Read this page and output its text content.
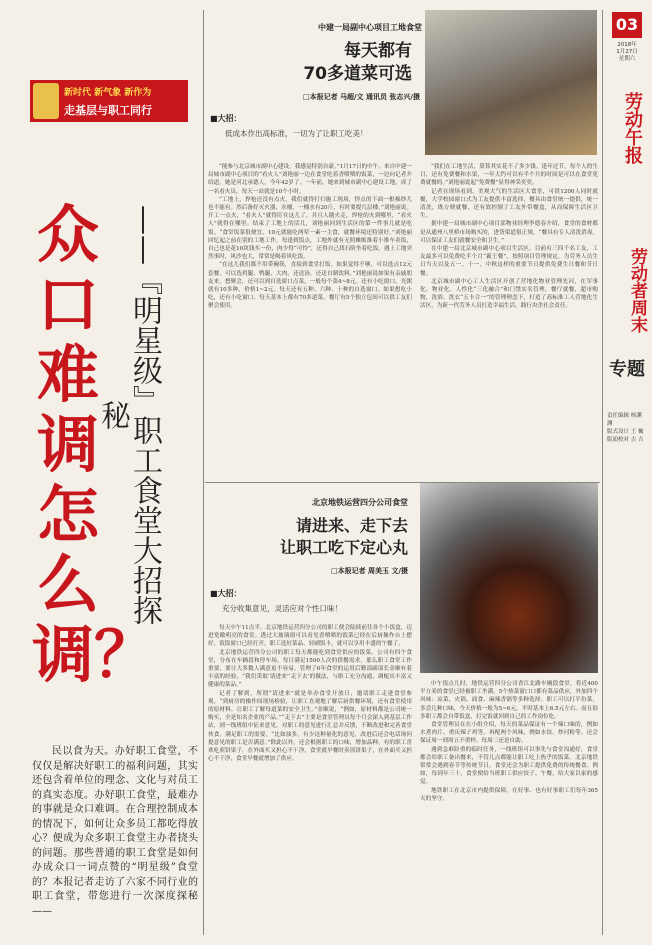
新时代 新气象 新作为
走基层与职工同行
众口难调怎么调？
——『明星级』职工食堂大招探秘
民以食为天。办好职工食堂，不仅仅是解决好职工的福利问题，其实还包含着单位的理念、文化与对员工的真实态度。办好职工食堂，最难办的事就是众口难调。在合理控制成本的情况下，如何让众多员工都吃得放心？便成为众多职工食堂主办者挠头的问题。那些普通的职工食堂是如何办成众口一词点赞的“明星级”食堂的？本报记者走访了六家不同行业的职工食堂，带您进行一次深度探秘——
中建一局副中心项目工地食堂
每天都有
70多道菜可选
□本报记者 马超/文 通讯员 张志兴/摄
■大招：
低成本作出高标准，一切为了让职工吃美！

“能参与北京城市副中心建设，我感觉特别自豪。”1月17日的中午，来自中建一局城市副中心项目的“看火人”刘艳丽一边在食堂吃着香喷喷的饭菜，一边向记者介绍道。她是河北承德人，今年42岁了。一年前，她来到城市副中心建设工地，成了一名看火员，每天一站就是10个小时。

“工地上，焊枪还没有点火，我们就得打扫施工现场，焊点的下面一根棉纱儿也不能有。然后备好灭火器、水桶，一桶水有20斤，有时要提几层楼。”刘艳丽说。开工一点火，“看火人”就得盯在这儿了，并且人随火走，焊枪的火到哪里，“看火人”就得在哪里。结束了工地上的活儿，刘艳丽回到生活区的第一件事儿就是吃饭。“食堂饭菜很便宜，10元就能吃两荤一素一主食，就餐环境还特别好。”刘艳丽回忆起之前在别的工地工作，每逢到饭点，工地外就有无照摊贩推着小推车卖饭，自己也是花10块钱买一份，肉少得“可怜”，还得自己找石阶坐着吃饭。遇上工地突然事时，风沙也大，常常是喝着风吃饭。

“在这儿我们都不用带碗筷，直接到食堂打饭。如果觉得不够，可以选点12元套餐，可以选鸡腿、鸭腿、大肉，还送汤，还送自制饮料。”刘艳丽说如果有亲戚朋友来，想聚会，还可以到自选窗口点菜，一般每个菜4~8元。还有小吃窗口，光粥就有10多种，价格1~2元。每天还有五种、六种、十种的自选窗口。如果想吃小吃，还有小吃窗口。每天基本上都有70多道菜，餐厅有5个独立包间可以供工友们聚会使用。

“我们在工地生活，算算其实花不了多少钱。逢年过节，每个人的生日，还有免费餐和水果，一年大约可以有半个月的时间是可以在食堂免费就餐的。”刘艳丽说起“免费餐”显得神采奕奕。

记者在现场看到，美观大气的生活区大食堂，可供1200人同时就餐，大学校园窗口式为工友提供丰富选择，餐具由食堂统一提供，统一清洗，既方便就餐，还有效控制了工友外带餐盒，从而保障生活区卫生。

据中建一局城市副中心项目部物业经理李德春介绍，食堂的食材都是从通州八里桥市场购买的，进货渠道很正规，“餐具有专人清洗消毒，可以保证工友们就餐安全和卫生。”

在中建一局北京城市副中心项目生活区，目前有三四千名工友，工友最多可以免费吃半个月“霸王餐”。按照项目管理规定，为劳务人员生日当天以及五一、十一、中秋这样的重要节日提供免费生日餐和节日餐。

北京城市副中心工人生活区开创了营地化物业管理先河，在军事化、物业化、人性化“三化融合”和门禁实名管理，餐厅就餐，超市购物，洗浴、洗衣“五卡合一”的管理理念下，打造了高标准工人营地化生活区，为新一代劳务人员打造幸福生活，践行央企社会责任。

北京地铁运营四分公司食堂
请进来、走下去
让职工吃下定心丸
□本报记者 周美玉 文/摄
■大招：
充分收集意见，灵活应对个性口味！

每天中午11点半，北京地铁运营四分公司的职工便会陆续前往各个小饭盒，迈进宽敞明亮的食堂。透过大玻璃窗可以看见香喷喷的饭菜已经在后厨操作台上摆好，饭饭窗口已经打开，职工选好菜品、轻刷饭卡，就可以享用丰盛的午餐了。

北京地铁运营四分公司的职工每天都能吃到食堂供应的饭菜。公司有四个食堂，分布在车辆段和停车场，每日满足1500人次的供餐需求。那么职工食堂工作重要，要让大多数人满意更不容易。管理了6年食堂的运用后勤部副部长金顺有着丰富的经验，“我们采取‘请进来’‘走下去’的做法，与职工充分沟通，调配出丰富又健康的菜品。”

记者了解到，所谓“请进来”就是举办食堂开放日，邀请职工走进食堂参观。“到厨房的操作间现场检验，让职工直观地了解后厨供餐环境，还有食堂使用的原材料，让职工了解每道菜的安全卫生。”金顺说，“例如，原材料都是公司统一购买，全是知名企业的产品。”“走下去”主要是食堂管理员每个月会深入到基层工作站，到一线班组中征求意见，对职工的意见进行汇总并反馈，不断改进和完善食堂伙食，满足职工的需要。“比如油多，有少这种量化的意见，改进后还会电话询问提意见的职工是否满意。”除此以外，还会根据职工的口味，增加品种，有的职工喜欢吃煎饼果子，在外面买又担心不干净，食堂就早餐时卖煎饼果子，在外面买又担心不干净，食堂早餐就增加了供应。

中午饭点儿时，地铁运营四分公司香江北路车辆段食堂，将近400平方米的食堂已经被职工坐满。5个热菜窗口口都有菜品供应，外加四个风味：凉菜，火锅、面食、麻辣香锅等多种选择。职工可以打半份菜，多尝几种口味，今天价格一般为5~6元，平时基本上6.5元左右。而且很多职工都会自带饭盒，打完饭就回到自己的工作岗位吃。

食堂管理员在在小组介绍，每天的菜品保证有一个辣口味的，例如水煮肉片、重庆辣子鸡等，再配两个风味，例如水饺、炒河粉等。还会保证周一到周五不重样，每周三还是自助。

遇到急难险重的临时任务，一线班组可以事先与食堂沟通好，食堂都会给职工备出餐来，不管几点都能让职工吃上热乎的饭菜。北京地铁常常会遇到春节等传统节日，食堂还会为职工提供免费的传统餐食。例如，每到年三十，食堂便给当班职工供应饺子、午餐，给大家以家的感觉。

地铁职工在北京市内提供保障，在好事、也有好事职工们每年365天的坚守。

03
2018年
1月27日
星期六
劳动午报
劳动者周末
专题
责任编辑 杨渊渊
版式设计 王 巍
版面校对 吉 吉
